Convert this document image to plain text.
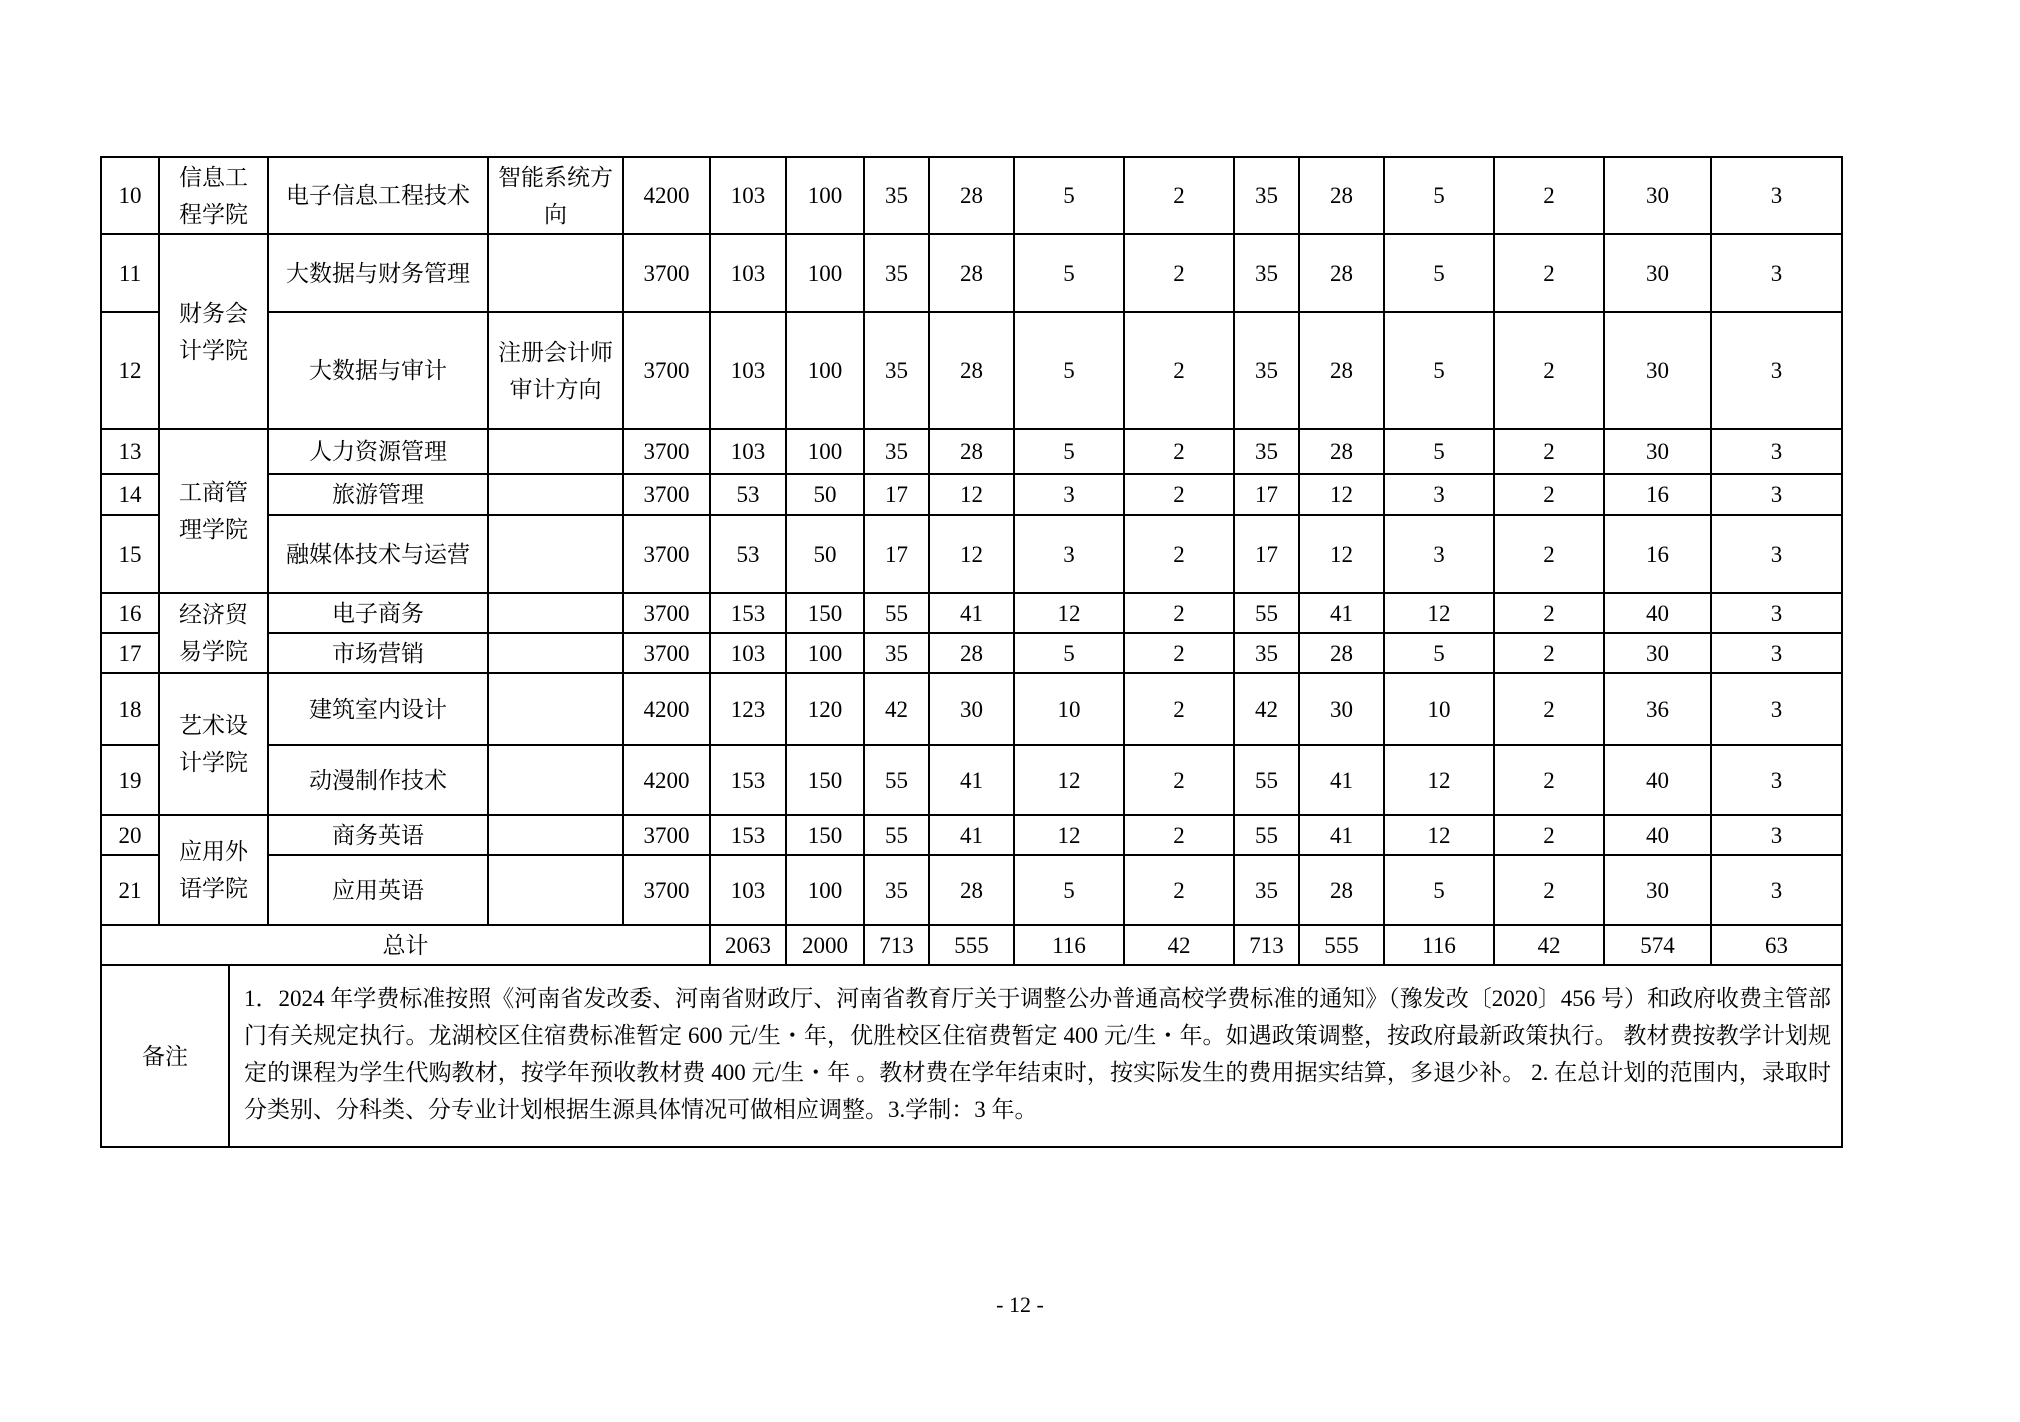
10	信息工程学院	电子信息工程技术	智能系统方向	4200	103	100	35	28	5	2	35	28	5	2	30	3
11	财务会计学院	大数据与财务管理		3700	103	100	35	28	5	2	35	28	5	2	30	3
12		大数据与审计	注册会计师审计方向	3700	103	100	35	28	5	2	35	28	5	2	30	3
13	工商管理学院	人力资源管理		3700	103	100	35	28	5	2	35	28	5	2	30	3
14		旅游管理		3700	53	50	17	12	3	2	17	12	3	2	16	3
15		融媒体技术与运营		3700	53	50	17	12	3	2	17	12	3	2	16	3
16	经济贸易学院	电子商务		3700	153	150	55	41	12	2	55	41	12	2	40	3
17		市场营销		3700	103	100	35	28	5	2	35	28	5	2	30	3
18	艺术设计学院	建筑室内设计		4200	123	120	42	30	10	2	42	30	10	2	36	3
19		动漫制作技术		4200	153	150	55	41	12	2	55	41	12	2	40	3
20	应用外语学院	商务英语		3700	153	150	55	41	12	2	55	41	12	2	40	3
21		应用英语		3700	103	100	35	28	5	2	35	28	5	2	30	3
总计					2063	2000	713	555	116	42	713	555	116	42	574	63

备注
1．2024 年学费标准按照《河南省发改委、河南省财政厅、河南省教育厅关于调整公办普通高校学费标准的通知》（豫发改〔2020〕456 号）和政府收费主管部门有关规定执行。龙湖校区住宿费标准暂定 600 元/生・年，优胜校区住宿费暂定 400 元/生・年。如遇政策调整，按政府最新政策执行。 教材费按教学计划规定的课程为学生代购教材，按学年预收教材费 400 元/生・年 。教材费在学年结束时，按实际发生的费用据实结算，多退少补。 2. 在总计划的范围内，录取时分类别、分科类、分专业计划根据生源具体情况可做相应调整。3.学制：3 年。																
- 12 -
